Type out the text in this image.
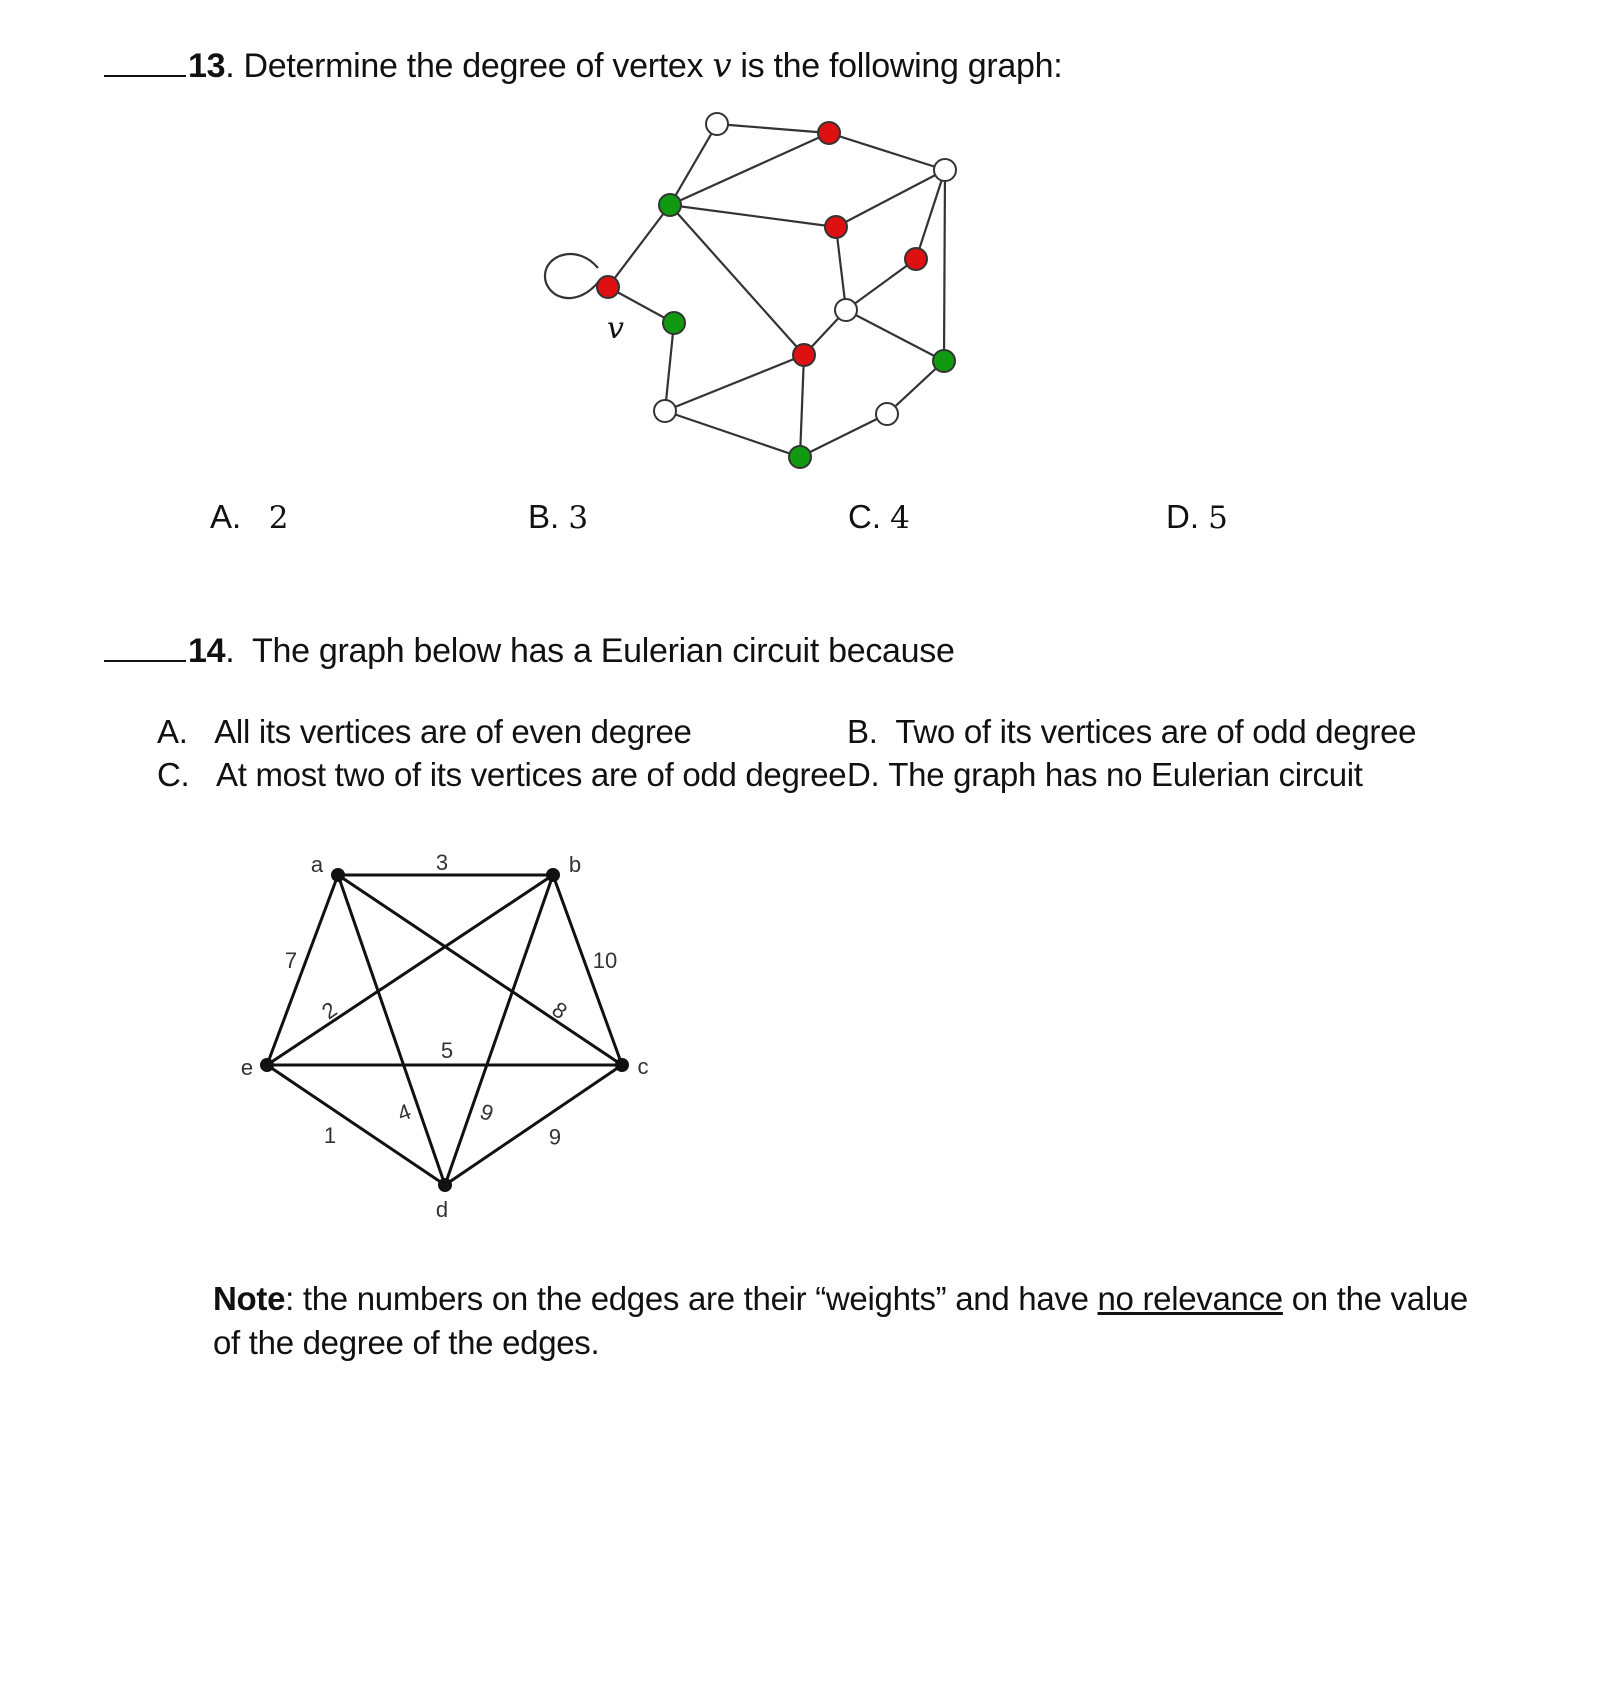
13. Determine the degree of vertex v is the following graph:
v
A. 2	B. 3	C. 4	D. 5
14.  The graph below has a Eulerian circuit because
A. All its vertices are of even degree	B. Two of its vertices are of odd degree
C. At most two of its vertices are of odd degree D. The graph has no Eulerian circuit
a	b
c
d
e
3
7
2
10
8
5
4	9
1	6
Note: the numbers on the edges are their “weights” and have no relevance on the value of the degree of the edges.
